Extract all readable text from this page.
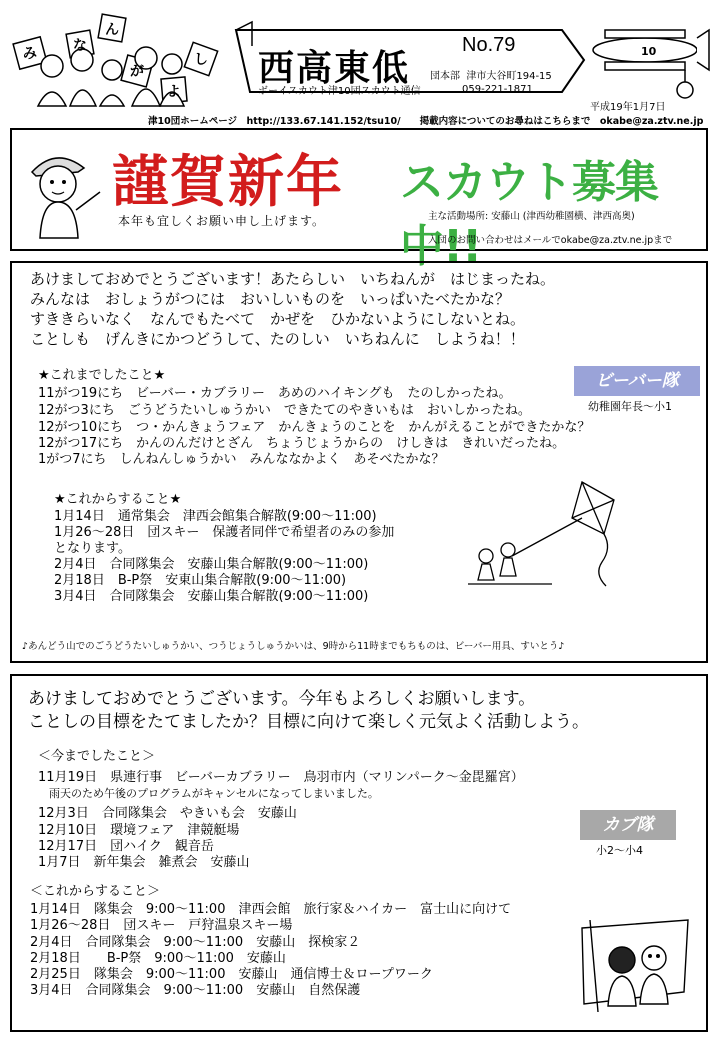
み
ん
な
が
し
よ
西高東低
No.79
団本部 津市大谷町194-15
059-221-1871
ボーイスカウト津10団スカウト通信
10
平成19年1月7日
津10団ホームページ　http://133.67.141.152/tsu10/　　掲載内容についてのお尋ねはこちらまで　okabe@za.ztv.ne.jp
謹賀新年 スカウト募集中!!
本年も宜しくお願い申し上げます。	主な活動場所: 安藤山 (津西幼稚園横、津西高奥)
入団のお問い合わせはメールでokabe@za.ztv.ne.jpまで
あけましておめでとうございます！あたらしい　いちねんが　はじまったね。
みんなは　おしょうがつには　おいしいものを　いっぱいたべたかな？
すききらいなく　なんでもたべて　かぜを　ひかないようにしないとね。
ことしも　げんきにかつどうして、たのしい　いちねんに　しようね！！
ビーバー隊
幼稚園年長～小1
★これまでしたこと★
11がつ19にち　ビーバー・カブラリー　あめのハイキングも　たのしかったね。
12がつ3にち　ごうどうたいしゅうかい　できたてのやきいもは　おいしかったね。
12がつ10にち　つ・かんきょうフェア　かんきょうのことを　かんがえることができたかな？
12がつ17にち　かんのんだけとざん　ちょうじょうからの　けしきは　きれいだったね。
1がつ7にち　しんねんしゅうかい　みんななかよく　あそべたかな？
★これからすること★
1月14日　通常集会　津西会館集合解散(9:00～11:00)
1月26～28日　団スキー　保護者同伴で希望者のみの参加
となります。
2月4日　合同隊集会　安藤山集合解散(9:00～11:00)
2月18日　B-P祭　安東山集合解散(9:00～11:00)
3月4日　合同隊集会　安藤山集合解散(9:00～11:00)
♪あんどう山でのごうどうたいしゅうかい、つうじょうしゅうかいは、9時から11時までもちものは、ビーバー用具、すいとう♪
あけましておめでとうございます。今年もよろしくお願いします。
ことしの目標をたてましたか？目標に向けて楽しく元気よく活動しよう。
カブ隊
小2～小4
＜今までしたこと＞
11月19日　県連行事　ビーバーカブラリー　鳥羽市内（マリンパーク～金毘羅宮）
　雨天のため午後のプログラムがキャンセルになってしまいました。
12月3日　合同隊集会　やきいも会　安藤山
12月10日　環境フェア　津競艇場
12月17日　団ハイク　観音岳
1月7日　新年集会　雑煮会　安藤山
＜これからすること＞
1月14日　隊集会　9:00～11:00　津西会館　旅行家＆ハイカー　富士山に向けて
1月26～28日　団スキー　戸狩温泉スキー場
2月4日　合同隊集会　9:00～11:00　安藤山　探検家２
2月18日　　B-P祭　9:00～11:00　安藤山
2月25日　隊集会　9:00～11:00　安藤山　通信博士＆ロープワーク
3月4日　合同隊集会　9:00～11:00　安藤山　自然保護
